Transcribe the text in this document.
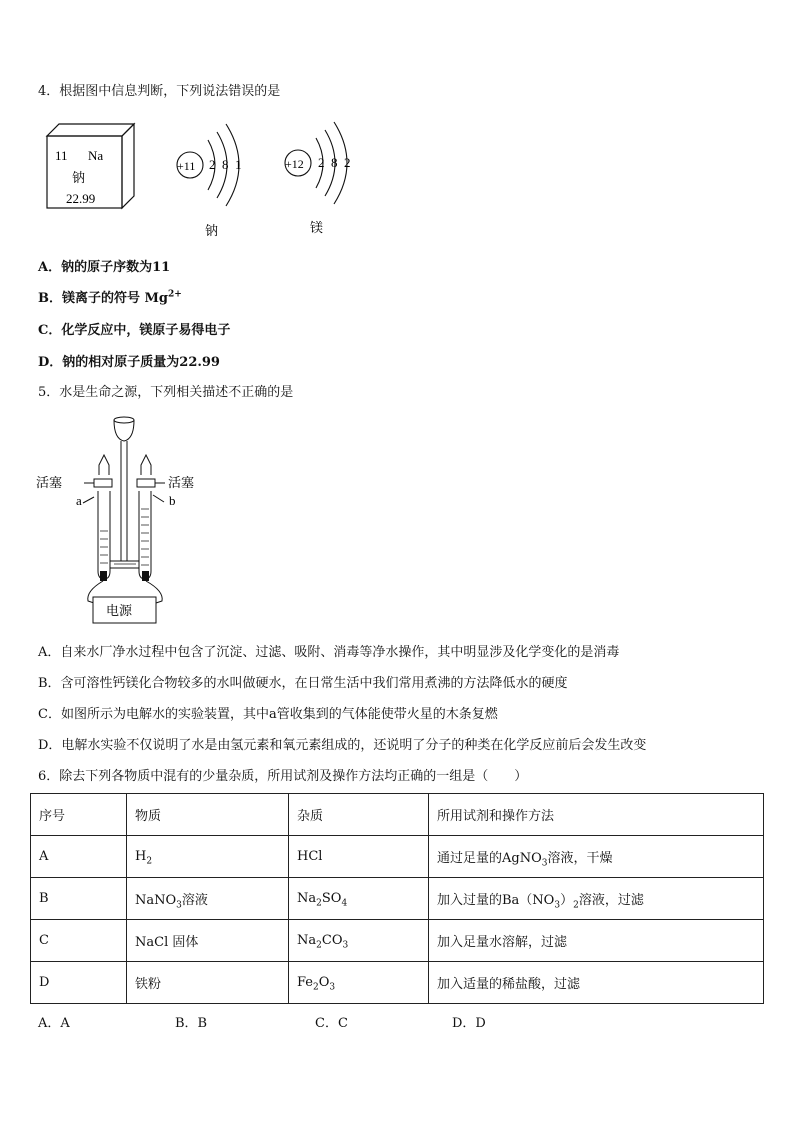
4．根据图中信息判断，下列说法错误的是
11 Na
钠
22.99
+11 2 8 1
钠
+12 2 8 2
镁
A．钠的原子序数为11
B．镁离子的符号 $Mg^{2+}$
C．化学反应中，镁原子易得电子
D．钠的相对原子质量为22.99
5．水是生命之源，下列相关描述不正确的是
电源
活塞	活塞
a	b
A．自来水厂净水过程中包含了沉淀、过滤、吸附、消毒等净水操作，其中明显涉及化学变化的是消毒
B．含可溶性钙镁化合物较多的水叫做硬水，在日常生活中我们常用煮沸的方法降低水的硬度
C．如图所示为电解水的实验装置，其中a管收集到的气体能使带火星的木条复燃
D．电解水实验不仅说明了水是由氢元素和氧元素组成的，还说明了分子的种类在化学反应前后会发生改变
6．除去下列各物质中混有的少量杂质，所用试剂及操作方法均正确的一组是（　　）
序号	物质	杂质	所用试剂和操作方法
A	$H_2$	HCl	通过足量的AgNO$_3$溶液，干燥
B	NaNO$_3$溶液	$Na_2SO_4$	加入过量的$Ba(NO_3)_2$溶液，过滤
C	NaCl 固体	$Na_2CO_3$	加入足量水溶解，过滤
D	铁粉	$Fe_2O_3$	加入适量的稀盐酸，过滤
A．A	B．B	C．C	D．D
